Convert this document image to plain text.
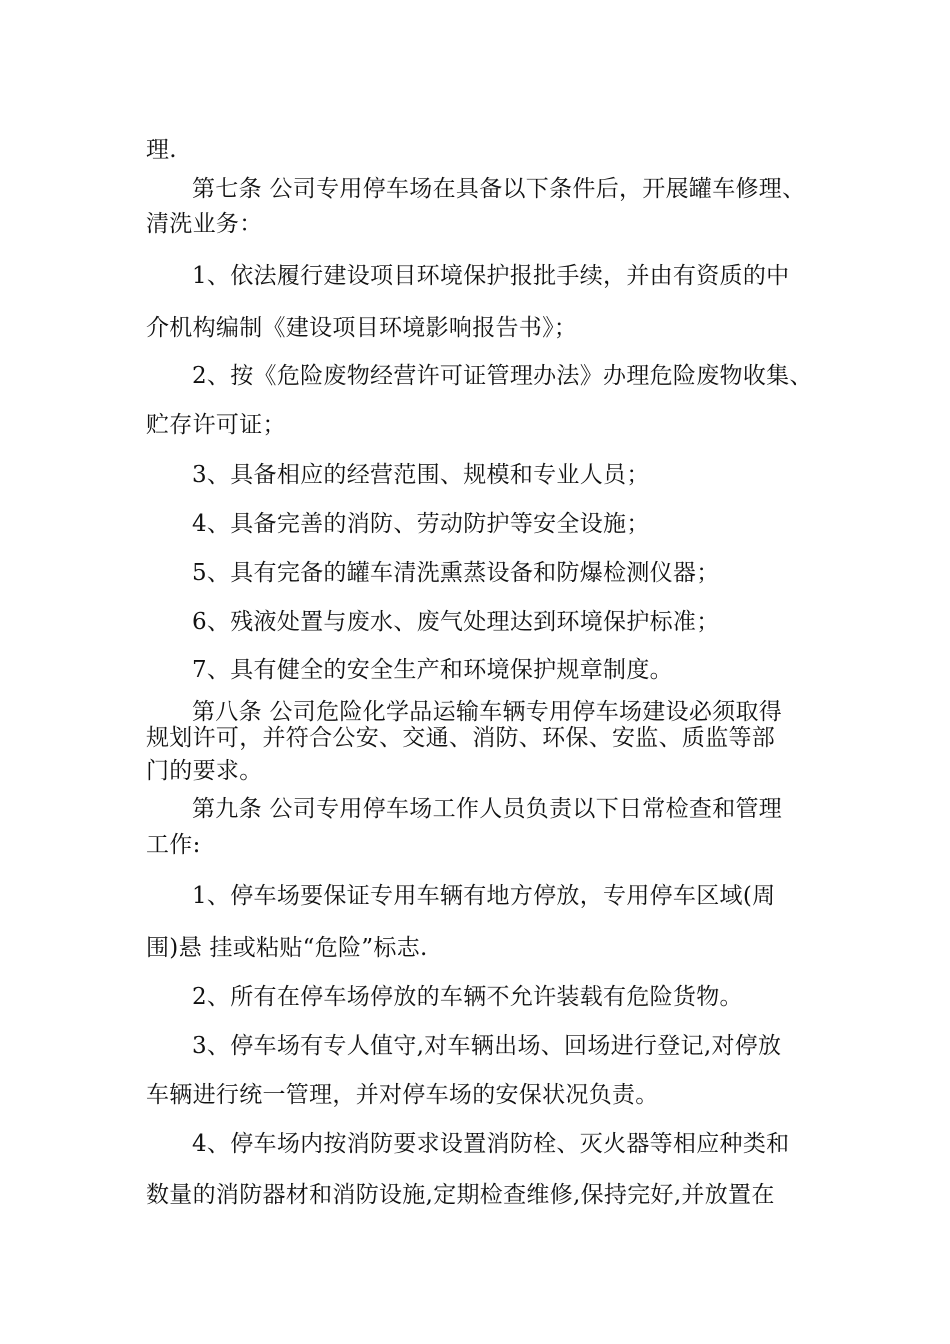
理.
第七条 公司专用停车场在具备以下条件后，开展罐车修理、
清洗业务：
1、依法履行建设项目环境保护报批手续，并由有资质的中
介机构编制《建设项目环境影响报告书》；
2、按《危险废物经营许可证管理办法》办理危险废物收集、
贮存许可证；
3、具备相应的经营范围、规模和专业人员；
4、具备完善的消防、劳动防护等安全设施；
5、具有完备的罐车清洗熏蒸设备和防爆检测仪器；
6、残液处置与废水、废气处理达到环境保护标准；
7、具有健全的安全生产和环境保护规章制度。
第八条 公司危险化学品运输车辆专用停车场建设必须取得
规划许可，并符合公安、交通、消防、环保、安监、质监等部
门的要求。
第九条 公司专用停车场工作人员负责以下日常检查和管理
工作:
1、停车场要保证专用车辆有地方停放，专用停车区域(周
围)悬 挂或粘贴“危险”标志.
2、所有在停车场停放的车辆不允许装载有危险货物。
3、停车场有专人值守,对车辆出场、回场进行登记,对停放
车辆进行统一管理，并对停车场的安保状况负责。
4、停车场内按消防要求设置消防栓、灭火器等相应种类和
数量的消防器材和消防设施,定期检查维修,保持完好,并放置在
